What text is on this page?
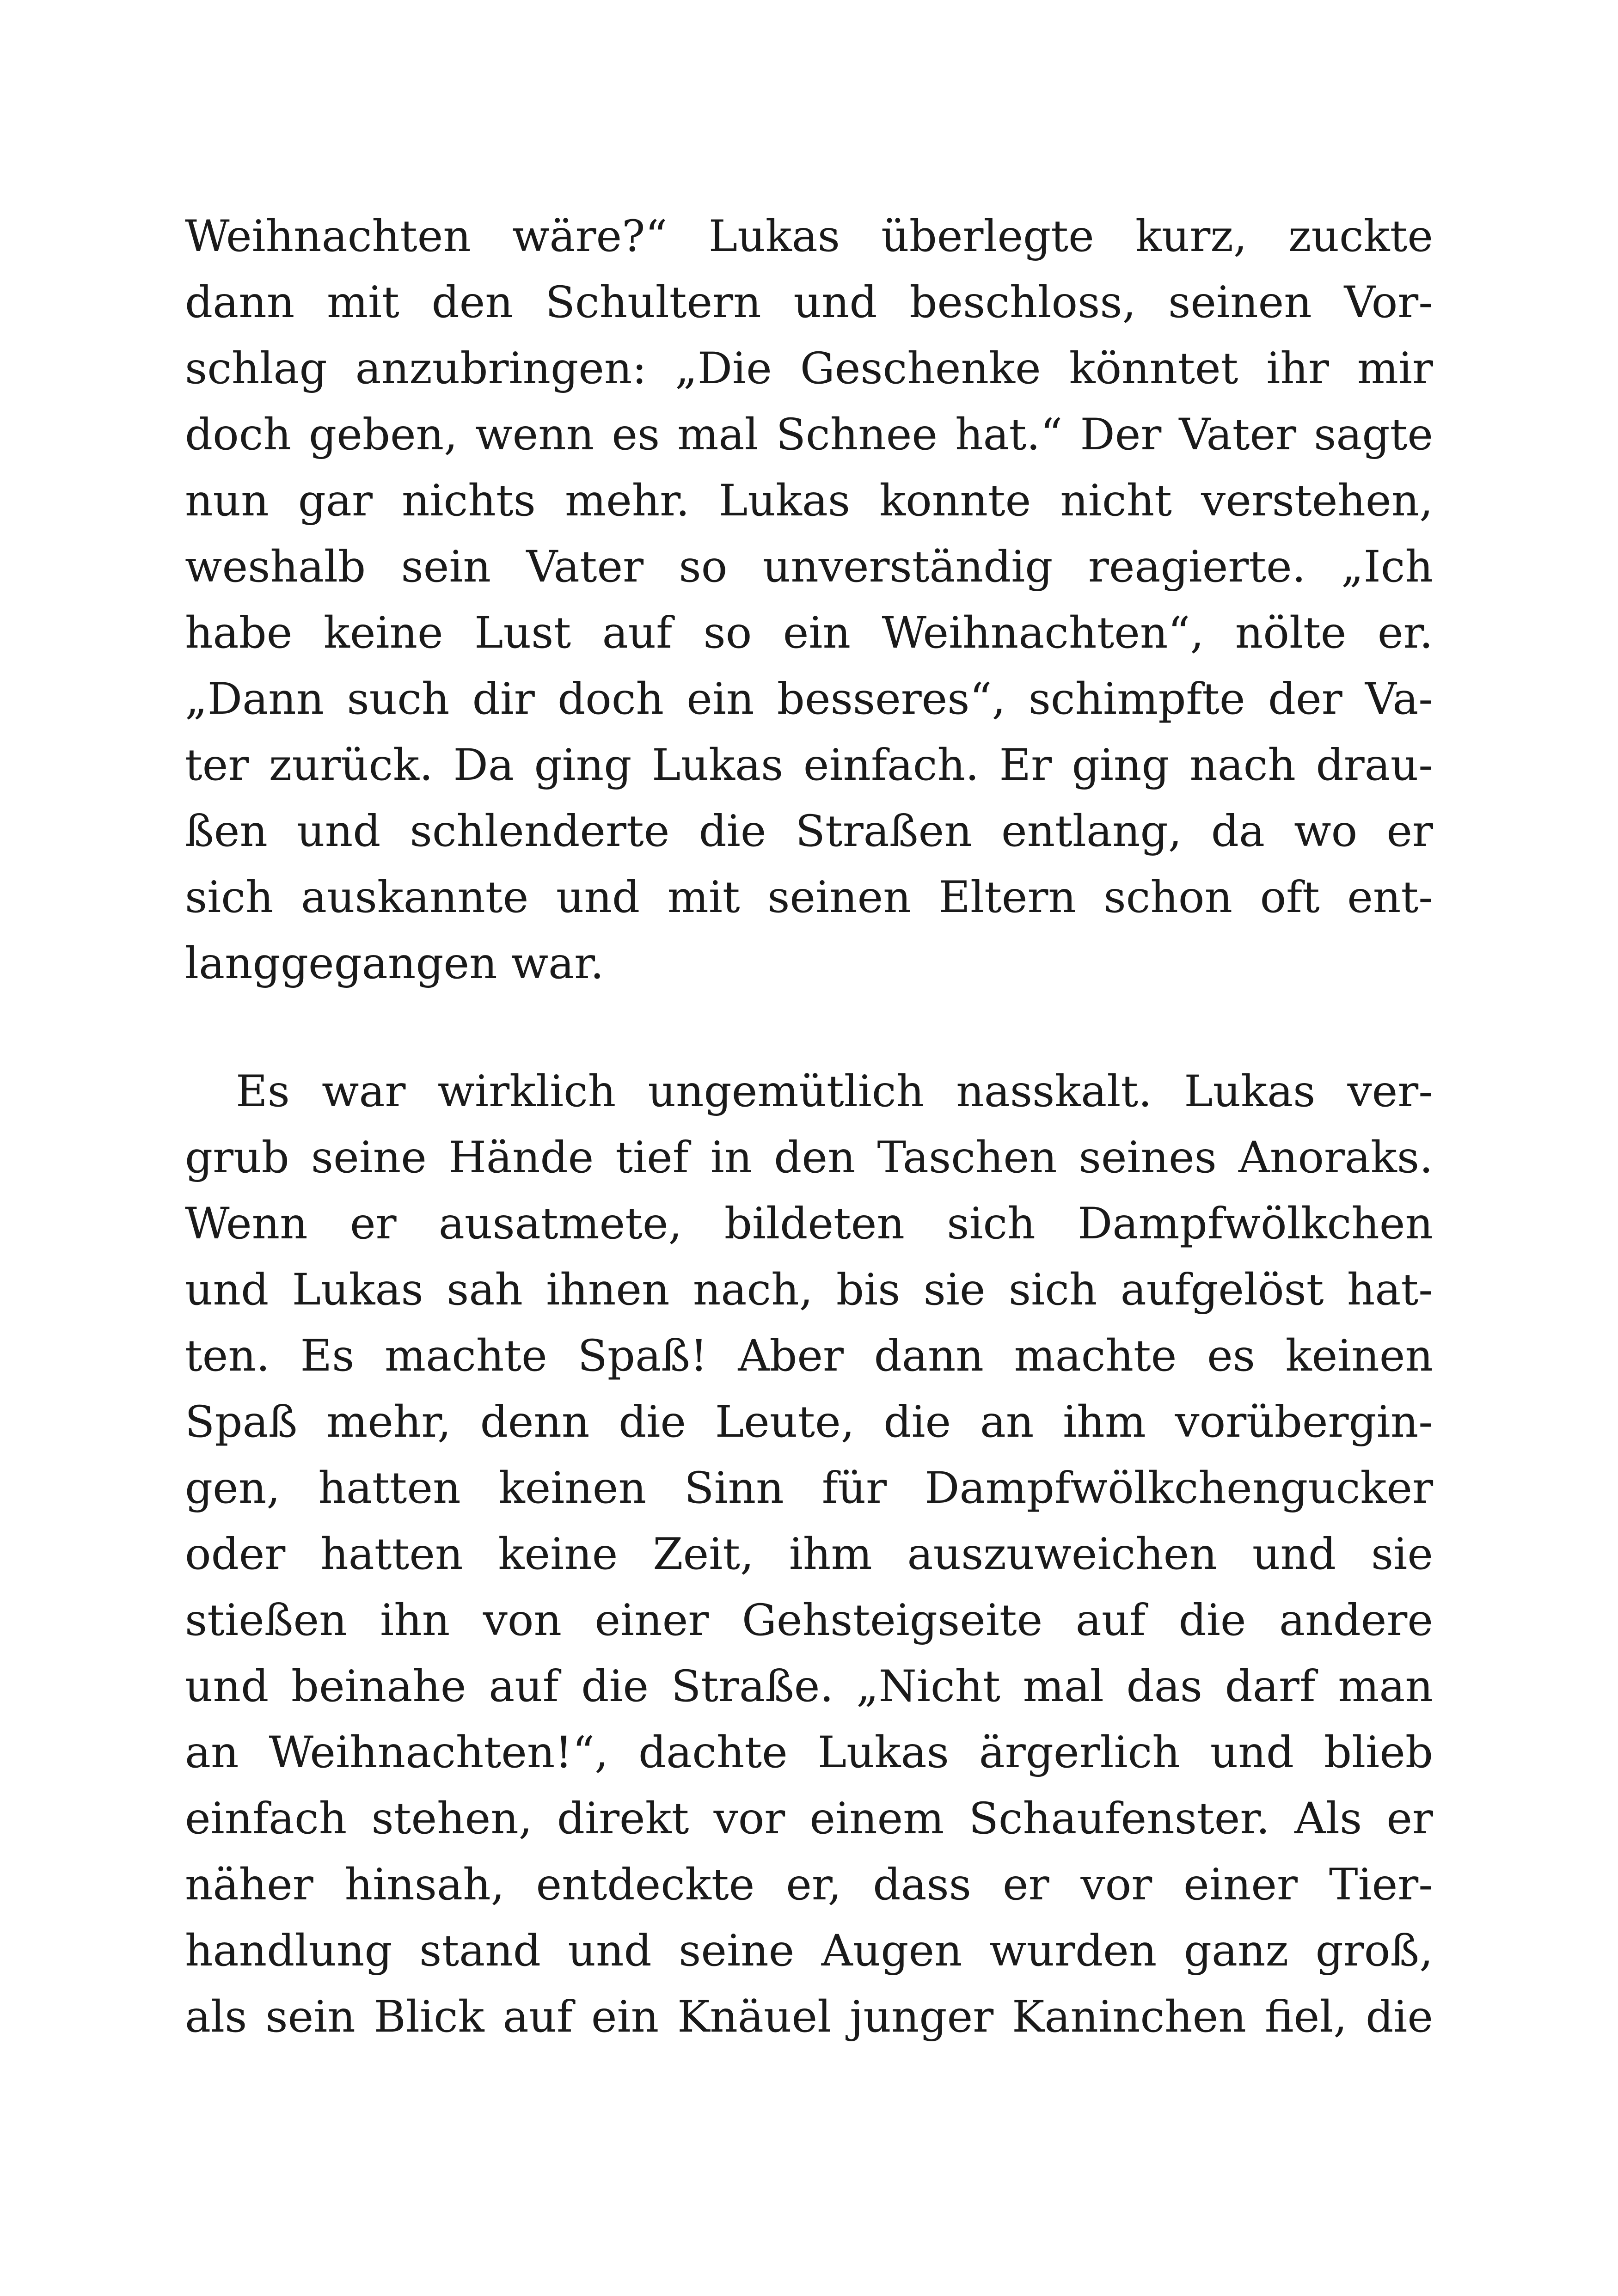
Weihnachten wäre?“ Lukas überlegte kurz, zuckte
dann mit den Schultern und beschloss, seinen Vor-
schlag anzubringen: „Die Geschenke könntet ihr mir
doch geben, wenn es mal Schnee hat.“ Der Vater sagte
nun gar nichts mehr. Lukas konnte nicht verstehen,
weshalb sein Vater so unverständig reagierte. „Ich
habe keine Lust auf so ein Weihnachten“, nölte er.
„Dann such dir doch ein besseres“, schimpfte der Va-
ter zurück. Da ging Lukas einfach. Er ging nach drau-
ßen und schlenderte die Straßen entlang, da wo er
sich auskannte und mit seinen Eltern schon oft ent-
langgegangen war.
Es war wirklich ungemütlich nasskalt. Lukas ver-
grub seine Hände tief in den Taschen seines Anoraks.
Wenn er ausatmete, bildeten sich Dampfwölkchen
und Lukas sah ihnen nach, bis sie sich aufgelöst hat-
ten. Es machte Spaß! Aber dann machte es keinen
Spaß mehr, denn die Leute, die an ihm vorübergin-
gen, hatten keinen Sinn für Dampfwölkchengucker
oder hatten keine Zeit, ihm auszuweichen und sie
stießen ihn von einer Gehsteigseite auf die andere
und beinahe auf die Straße. „Nicht mal das darf man
an Weihnachten!“, dachte Lukas ärgerlich und blieb
einfach stehen, direkt vor einem Schaufenster. Als er
näher hinsah, entdeckte er, dass er vor einer Tier-
handlung stand und seine Augen wurden ganz groß,
als sein Blick auf ein Knäuel junger Kaninchen fiel, die
